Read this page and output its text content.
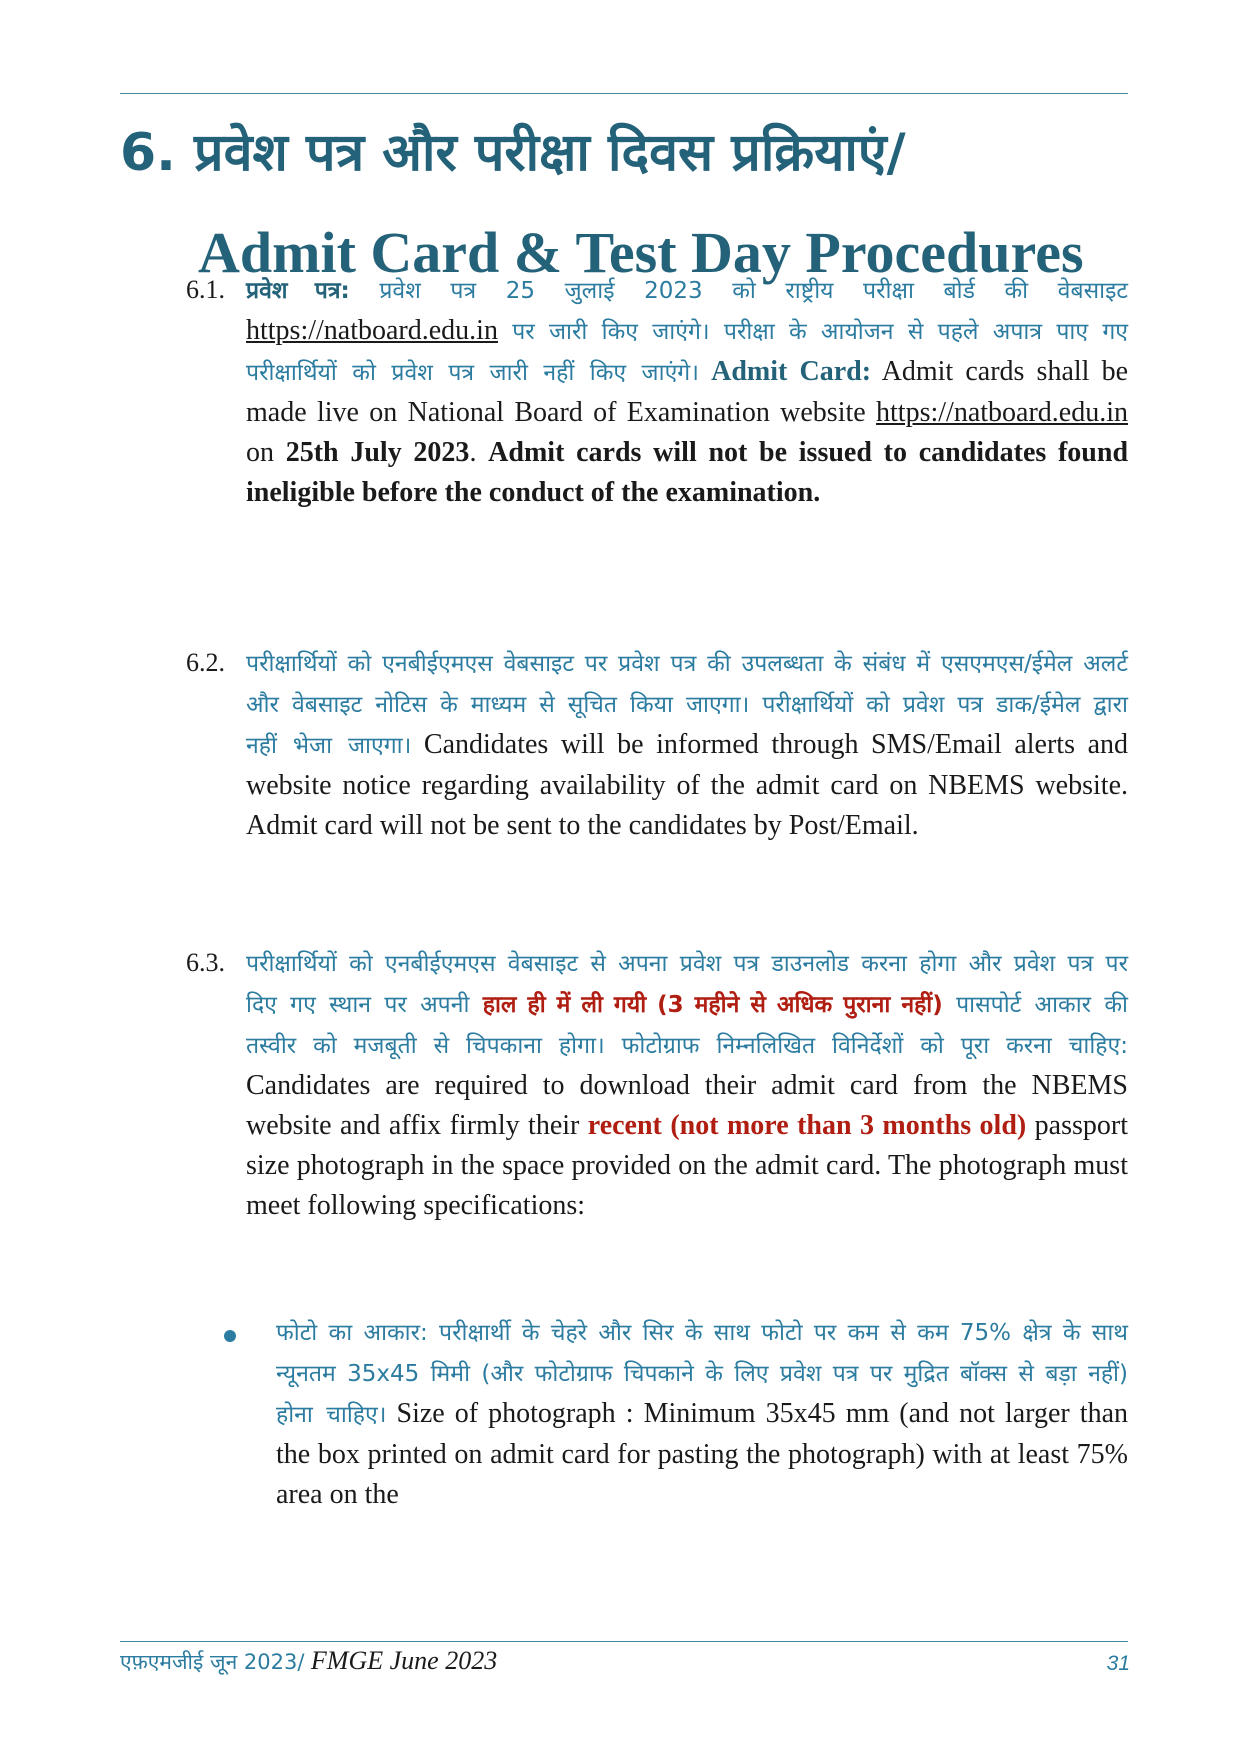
6. प्रवेश पत्र और परीक्षा दिवस प्रक्रियाएं/
Admit Card & Test Day Procedures
6.1. प्रवेश पत्र: प्रवेश पत्र 25 जुलाई 2023 को राष्ट्रीय परीक्षा बोर्ड की वेबसाइट https://natboard.edu.in पर जारी किए जाएंगे। परीक्षा के आयोजन से पहले अपात्र पाए गए परीक्षार्थियों को प्रवेश पत्र जारी नहीं किए जाएंगे। Admit Card: Admit cards shall be made live on National Board of Examination website https://natboard.edu.in on 25th July 2023. Admit cards will not be issued to candidates found ineligible before the conduct of the examination.
6.2. परीक्षार्थियों को एनबीईएमएस वेबसाइट पर प्रवेश पत्र की उपलब्धता के संबंध में एसएमएस/ईमेल अलर्ट और वेबसाइट नोटिस के माध्यम से सूचित किया जाएगा। परीक्षार्थियों को प्रवेश पत्र डाक/ईमेल द्वारा नहीं भेजा जाएगा। Candidates will be informed through SMS/Email alerts and website notice regarding availability of the admit card on NBEMS website. Admit card will not be sent to the candidates by Post/Email.
6.3. परीक्षार्थियों को एनबीईएमएस वेबसाइट से अपना प्रवेश पत्र डाउनलोड करना होगा और प्रवेश पत्र पर दिए गए स्थान पर अपनी हाल ही में ली गयी (3 महीने से अधिक पुराना नहीं) पासपोर्ट आकार की तस्वीर को मजबूती से चिपकाना होगा। फोटोग्राफ निम्नलिखित विनिर्देशों को पूरा करना चाहिए: Candidates are required to download their admit card from the NBEMS website and affix firmly their recent (not more than 3 months old) passport size photograph in the space provided on the admit card. The photograph must meet following specifications:
फोटो का आकार: परीक्षार्थी के चेहरे और सिर के साथ फोटो पर कम से कम 75% क्षेत्र के साथ न्यूनतम 35x45 मिमी (और फोटोग्राफ चिपकाने के लिए प्रवेश पत्र पर मुद्रित बॉक्स से बड़ा नहीं) होना चाहिए। Size of photograph : Minimum 35x45 mm (and not larger than the box printed on admit card for pasting the photograph) with at least 75% area on the
एफ़एमजीई जून 2023/ FMGE June 2023	31
